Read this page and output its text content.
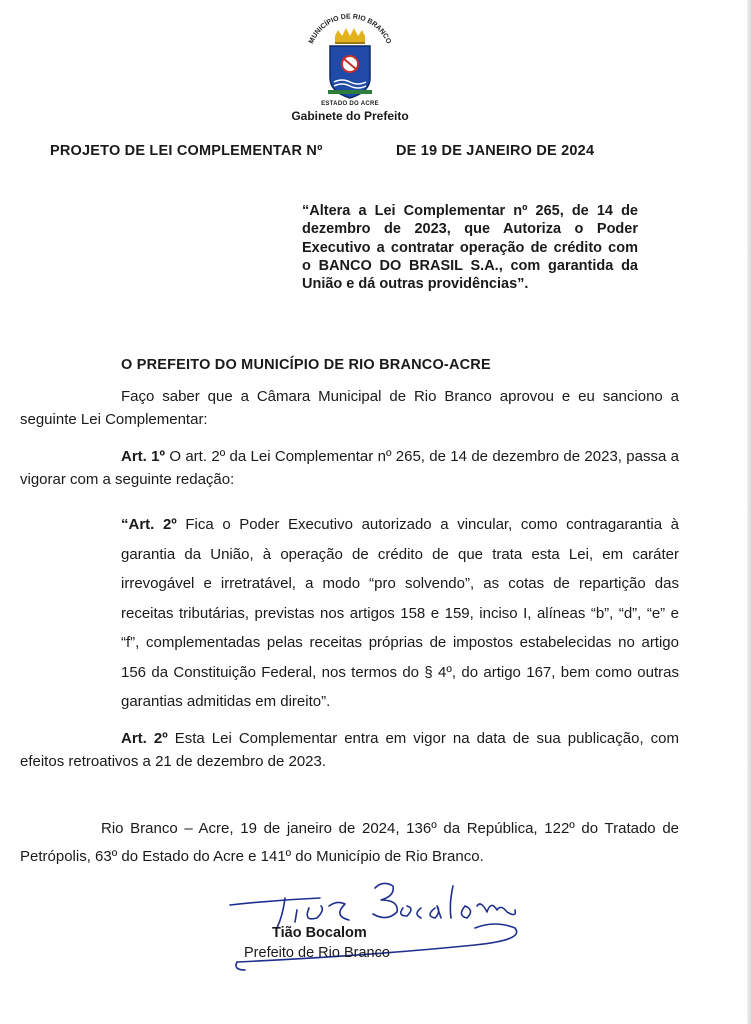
MUNICÍPIO DE RIO BRANCO
ESTADO DO ACRE
Gabinete do Prefeito
PROJETO DE LEI COMPLEMENTAR Nº	DE 19 DE JANEIRO DE 2024
“Altera a Lei Complementar nº 265, de 14 de dezembro de 2023, que Autoriza o Poder Executivo a contratar operação de crédito com o BANCO DO BRASIL S.A., com garantida da União e dá outras providências”.
O PREFEITO DO MUNICÍPIO DE RIO BRANCO-ACRE
Faço saber que a Câmara Municipal de Rio Branco aprovou e eu sanciono a seguinte Lei Complementar:
Art. 1º O art. 2º da Lei Complementar nº 265, de 14 de dezembro de 2023, passa a vigorar com a seguinte redação:
“Art. 2º Fica o Poder Executivo autorizado a vincular, como contragarantia à garantia da União, à operação de crédito de que trata esta Lei, em caráter irrevogável e irretratável, a modo “pro solvendo”, as cotas de repartição das receitas tributárias, previstas nos artigos 158 e 159, inciso I, alíneas “b”, “d”, “e” e “f”, complementadas pelas receitas próprias de impostos estabelecidas no artigo 156 da Constituição Federal, nos termos do § 4º, do artigo 167, bem como outras garantias admitidas em direito”.
Art. 2º Esta Lei Complementar entra em vigor na data de sua publicação, com efeitos retroativos a 21 de dezembro de 2023.
Rio Branco – Acre, 19 de janeiro de 2024, 136º da República, 122º do Tratado de Petrópolis, 63º do Estado do Acre e 141º do Município de Rio Branco.
Tião Bocalom
Prefeito de Rio Branco
